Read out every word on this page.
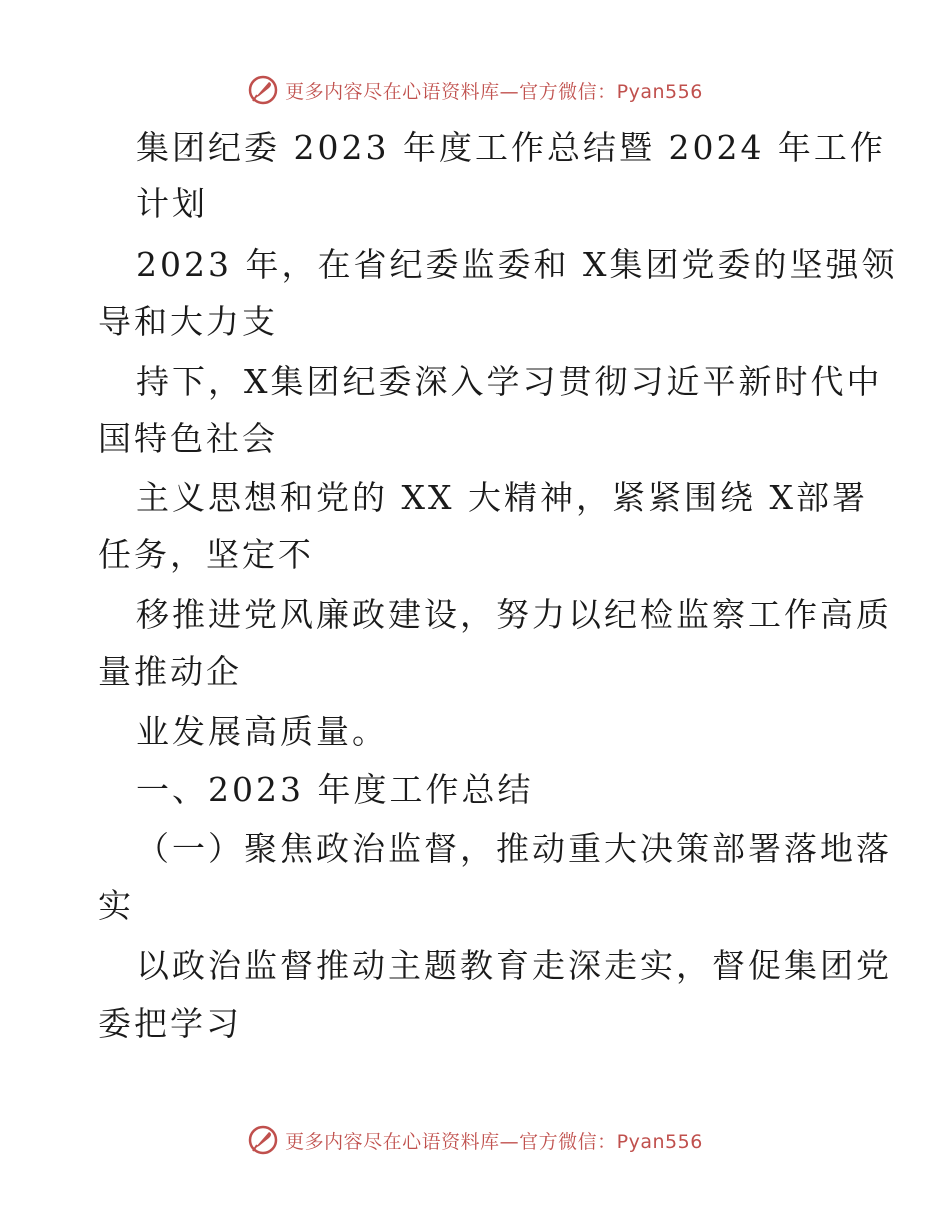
更多内容尽在心语资料库—官方微信：Pyan556
集团纪委 2023 年度工作总结暨 2024 年工作
计划
2023 年，在省纪委监委和 X集团党委的坚强领
导和大力支
持下，X集团纪委深入学习贯彻习近平新时代中
国特色社会
主义思想和党的 XX 大精神，紧紧围绕 X部署
任务，坚定不
移推进党风廉政建设，努力以纪检监察工作高质
量推动企
业发展高质量。
一、2023 年度工作总结
（一）聚焦政治监督，推动重大决策部署落地落
实
以政治监督推动主题教育走深走实，督促集团党
委把学习
更多内容尽在心语资料库—官方微信：Pyan556
